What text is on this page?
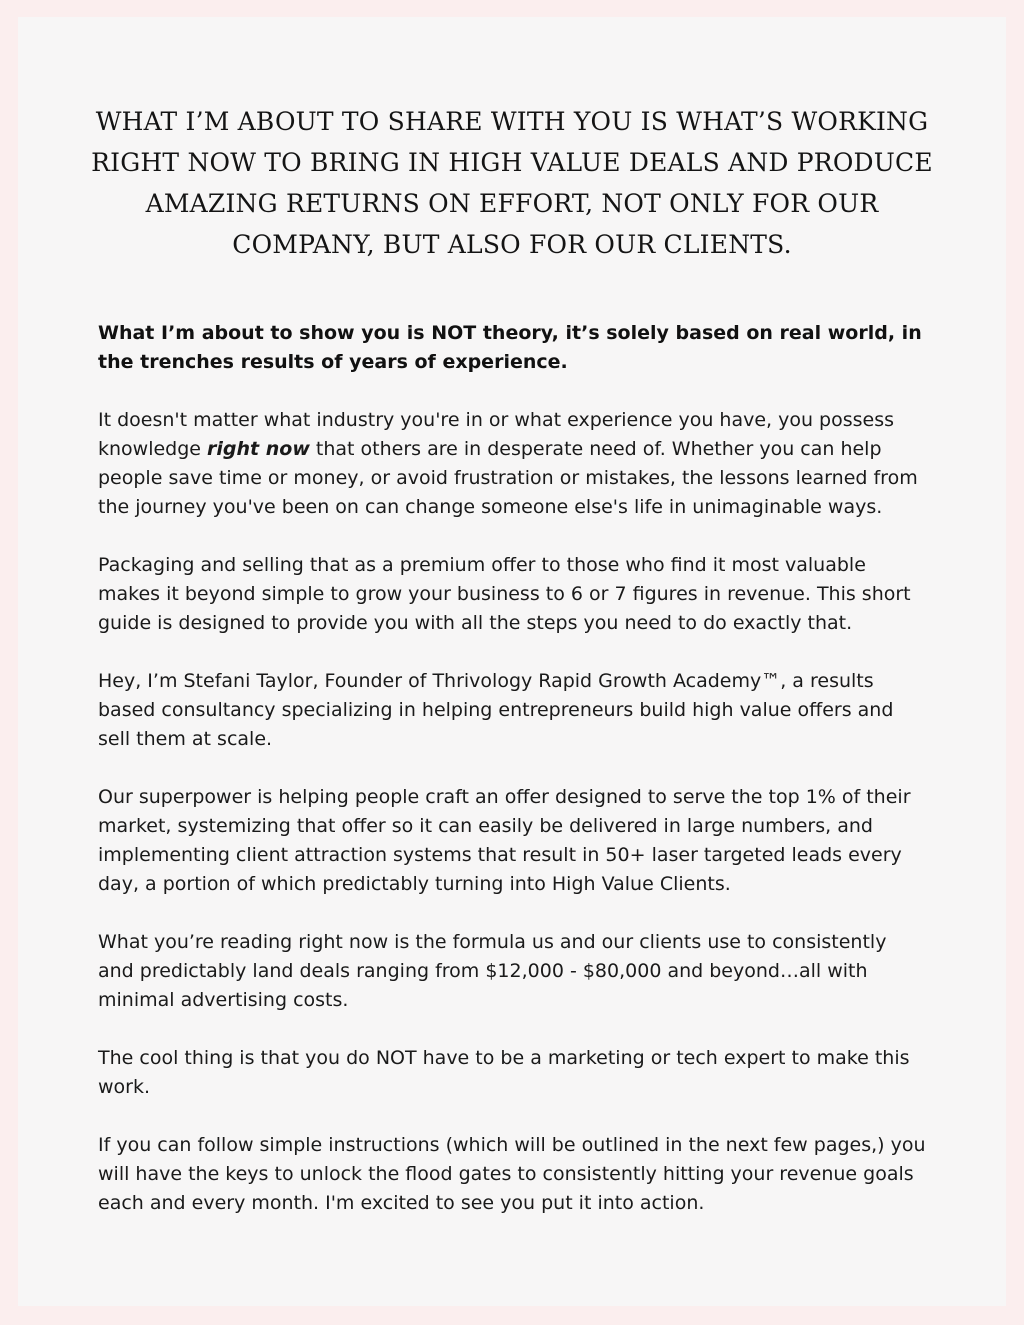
WHAT I’M ABOUT TO SHARE WITH YOU IS WHAT’S WORKING RIGHT NOW TO BRING IN HIGH VALUE DEALS AND PRODUCE AMAZING RETURNS ON EFFORT, NOT ONLY FOR OUR COMPANY, BUT ALSO FOR OUR CLIENTS.

What I’m about to show you is NOT theory, it’s solely based on real world, in the trenches results of years of experience.

It doesn't matter what industry you're in or what experience you have, you possess knowledge right now that others are in desperate need of. Whether you can help people save time or money, or avoid frustration or mistakes, the lessons learned from the journey you've been on can change someone else's life in unimaginable ways.

Packaging and selling that as a premium offer to those who find it most valuable makes it beyond simple to grow your business to 6 or 7 figures in revenue. This short guide is designed to provide you with all the steps you need to do exactly that.

Hey, I’m Stefani Taylor, Founder of Thrivology Rapid Growth Academy™, a results based consultancy specializing in helping entrepreneurs build high value offers and sell them at scale.

Our superpower is helping people craft an offer designed to serve the top 1% of their market, systemizing that offer so it can easily be delivered in large numbers, and implementing client attraction systems that result in 50+ laser targeted leads every day, a portion of which predictably turning into High Value Clients.

What you’re reading right now is the formula us and our clients use to consistently and predictably land deals ranging from $12,000 - $80,000 and beyond…all with minimal advertising costs.

The cool thing is that you do NOT have to be a marketing or tech expert to make this work.

If you can follow simple instructions (which will be outlined in the next few pages,) you will have the keys to unlock the flood gates to consistently hitting your revenue goals each and every month. I'm excited to see you put it into action.
